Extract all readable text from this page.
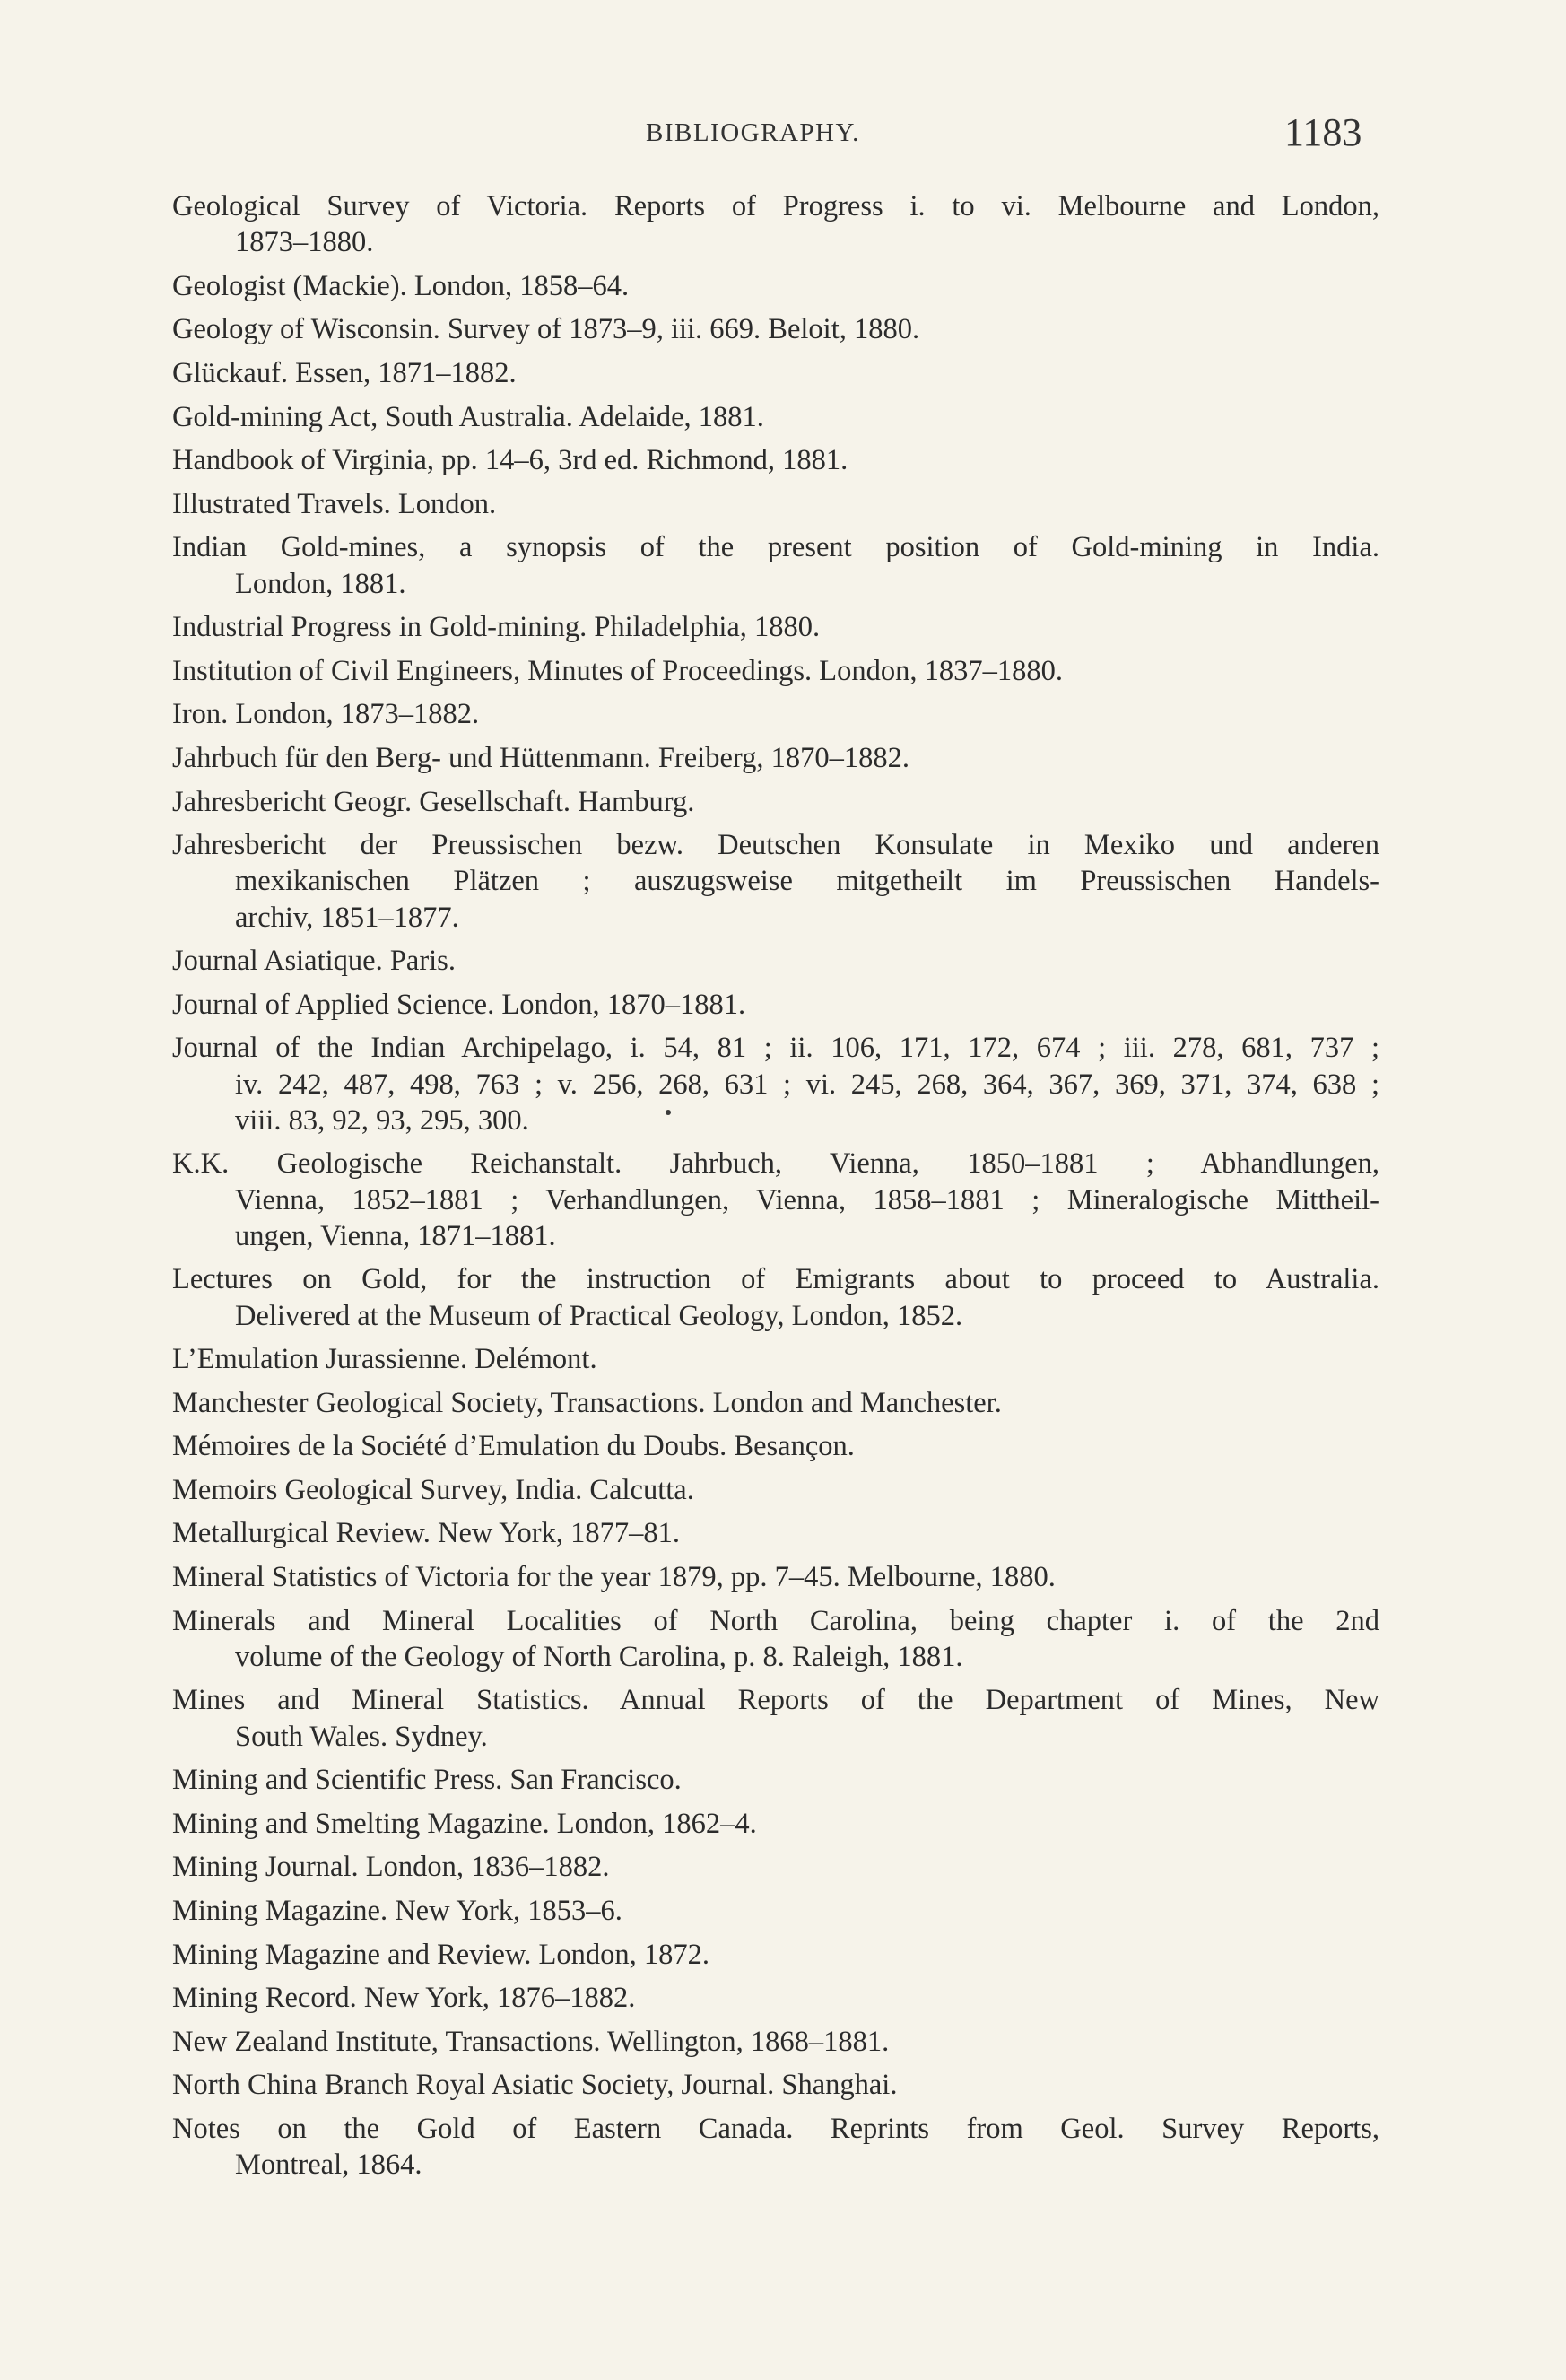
BIBLIOGRAPHY.	1183
Geological Survey of Victoria. Reports of Progress i. to vi. Melbourne and London,
1873–1880.
Geologist (Mackie). London, 1858–64.
Geology of Wisconsin. Survey of 1873–9, iii. 669. Beloit, 1880.
Glückauf. Essen, 1871–1882.
Gold-mining Act, South Australia. Adelaide, 1881.
Handbook of Virginia, pp. 14–6, 3rd ed. Richmond, 1881.
Illustrated Travels. London.
Indian Gold-mines, a synopsis of the present position of Gold-mining in India.
London, 1881.
Industrial Progress in Gold-mining. Philadelphia, 1880.
Institution of Civil Engineers, Minutes of Proceedings. London, 1837–1880.
Iron. London, 1873–1882.
Jahrbuch für den Berg- und Hüttenmann. Freiberg, 1870–1882.
Jahresbericht Geogr. Gesellschaft. Hamburg.
Jahresbericht der Preussischen bezw. Deutschen Konsulate in Mexiko und anderen
mexikanischen Plätzen ; auszugsweise mitgetheilt im Preussischen Handels-
archiv, 1851–1877.
Journal Asiatique. Paris.
Journal of Applied Science. London, 1870–1881.
Journal of the Indian Archipelago, i. 54, 81 ; ii. 106, 171, 172, 674 ; iii. 278, 681, 737 ;
iv. 242, 487, 498, 763 ; v. 256, 268, 631 ; vi. 245, 268, 364, 367, 369, 371, 374, 638 ;
viii. 83, 92, 93, 295, 300.
K.K. Geologische Reichanstalt. Jahrbuch, Vienna, 1850–1881 ; Abhandlungen,
Vienna, 1852–1881 ; Verhandlungen, Vienna, 1858–1881 ; Mineralogische Mittheil-
ungen, Vienna, 1871–1881.
Lectures on Gold, for the instruction of Emigrants about to proceed to Australia.
Delivered at the Museum of Practical Geology, London, 1852.
L’Emulation Jurassienne. Delémont.
Manchester Geological Society, Transactions. London and Manchester.
Mémoires de la Société d’Emulation du Doubs. Besançon.
Memoirs Geological Survey, India. Calcutta.
Metallurgical Review. New York, 1877–81.
Mineral Statistics of Victoria for the year 1879, pp. 7–45. Melbourne, 1880.
Minerals and Mineral Localities of North Carolina, being chapter i. of the 2nd
volume of the Geology of North Carolina, p. 8. Raleigh, 1881.
Mines and Mineral Statistics. Annual Reports of the Department of Mines, New
South Wales. Sydney.
Mining and Scientific Press. San Francisco.
Mining and Smelting Magazine. London, 1862–4.
Mining Journal. London, 1836–1882.
Mining Magazine. New York, 1853–6.
Mining Magazine and Review. London, 1872.
Mining Record. New York, 1876–1882.
New Zealand Institute, Transactions. Wellington, 1868–1881.
North China Branch Royal Asiatic Society, Journal. Shanghai.
Notes on the Gold of Eastern Canada. Reprints from Geol. Survey Reports,
Montreal, 1864.
